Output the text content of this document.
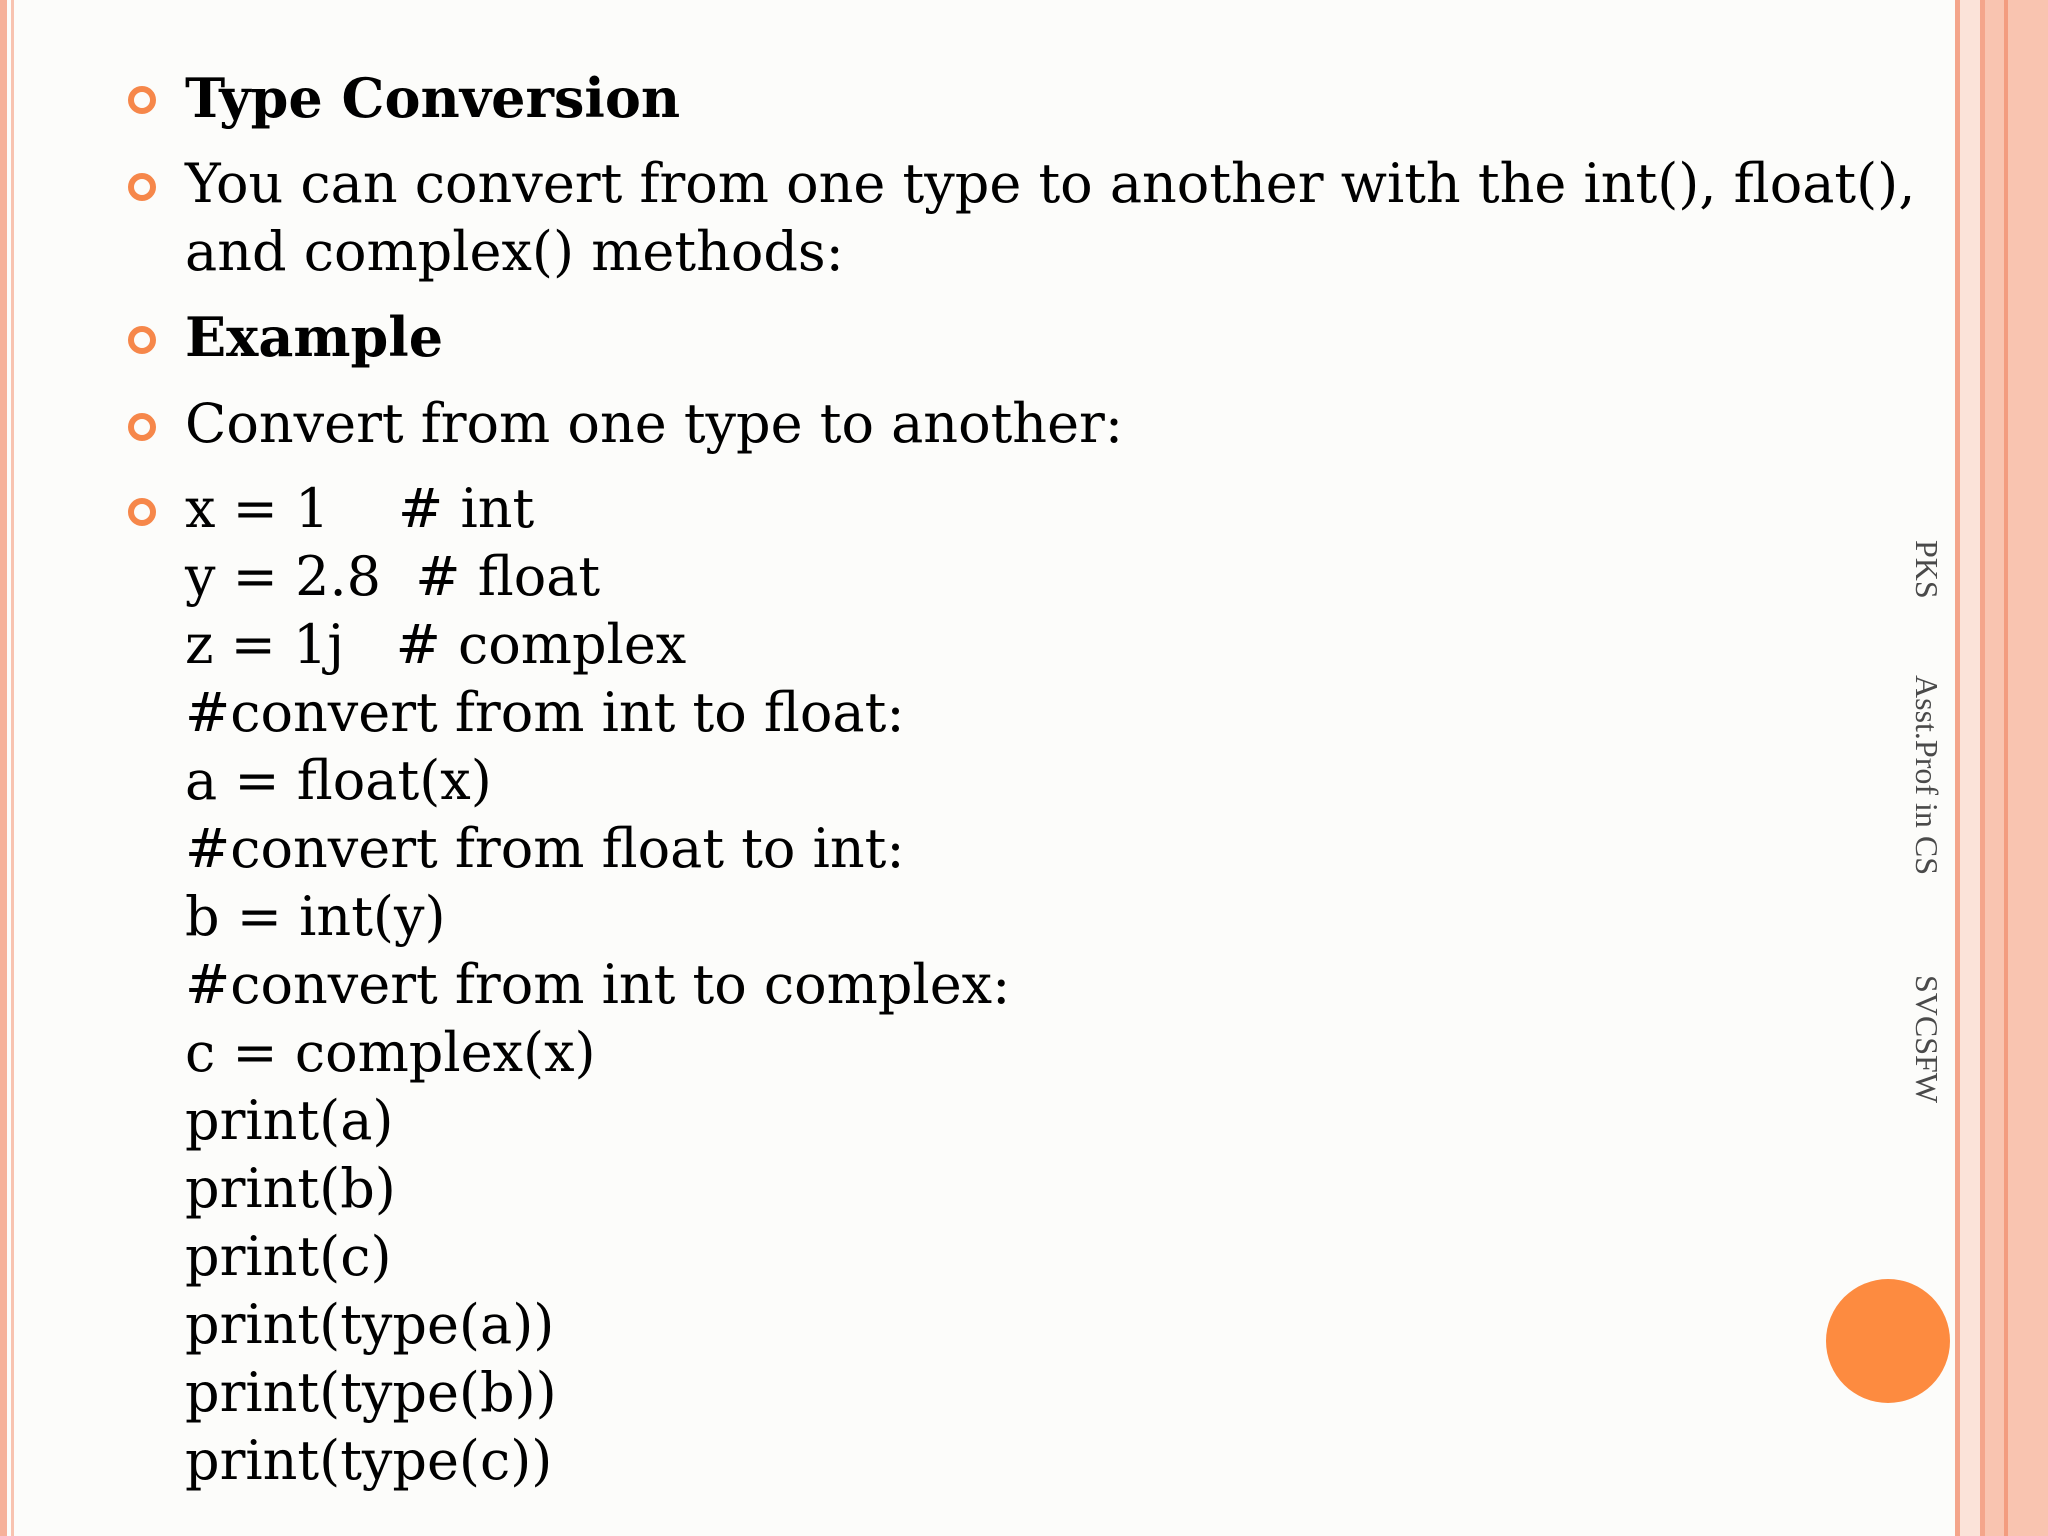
Type Conversion
You can convert from one type to another with the int(), float(),
and complex() methods:
Example
Convert from one type to another:
x = 1    # int
y = 2.8  # float
z = 1j   # complex
#convert from int to float:
a = float(x)
#convert from float to int:
b = int(y)
#convert from int to complex:
c = complex(x)
print(a)
print(b)
print(c)
print(type(a))
print(type(b))
print(type(c))
PKS
Asst.Prof in CS
SVCSFW
